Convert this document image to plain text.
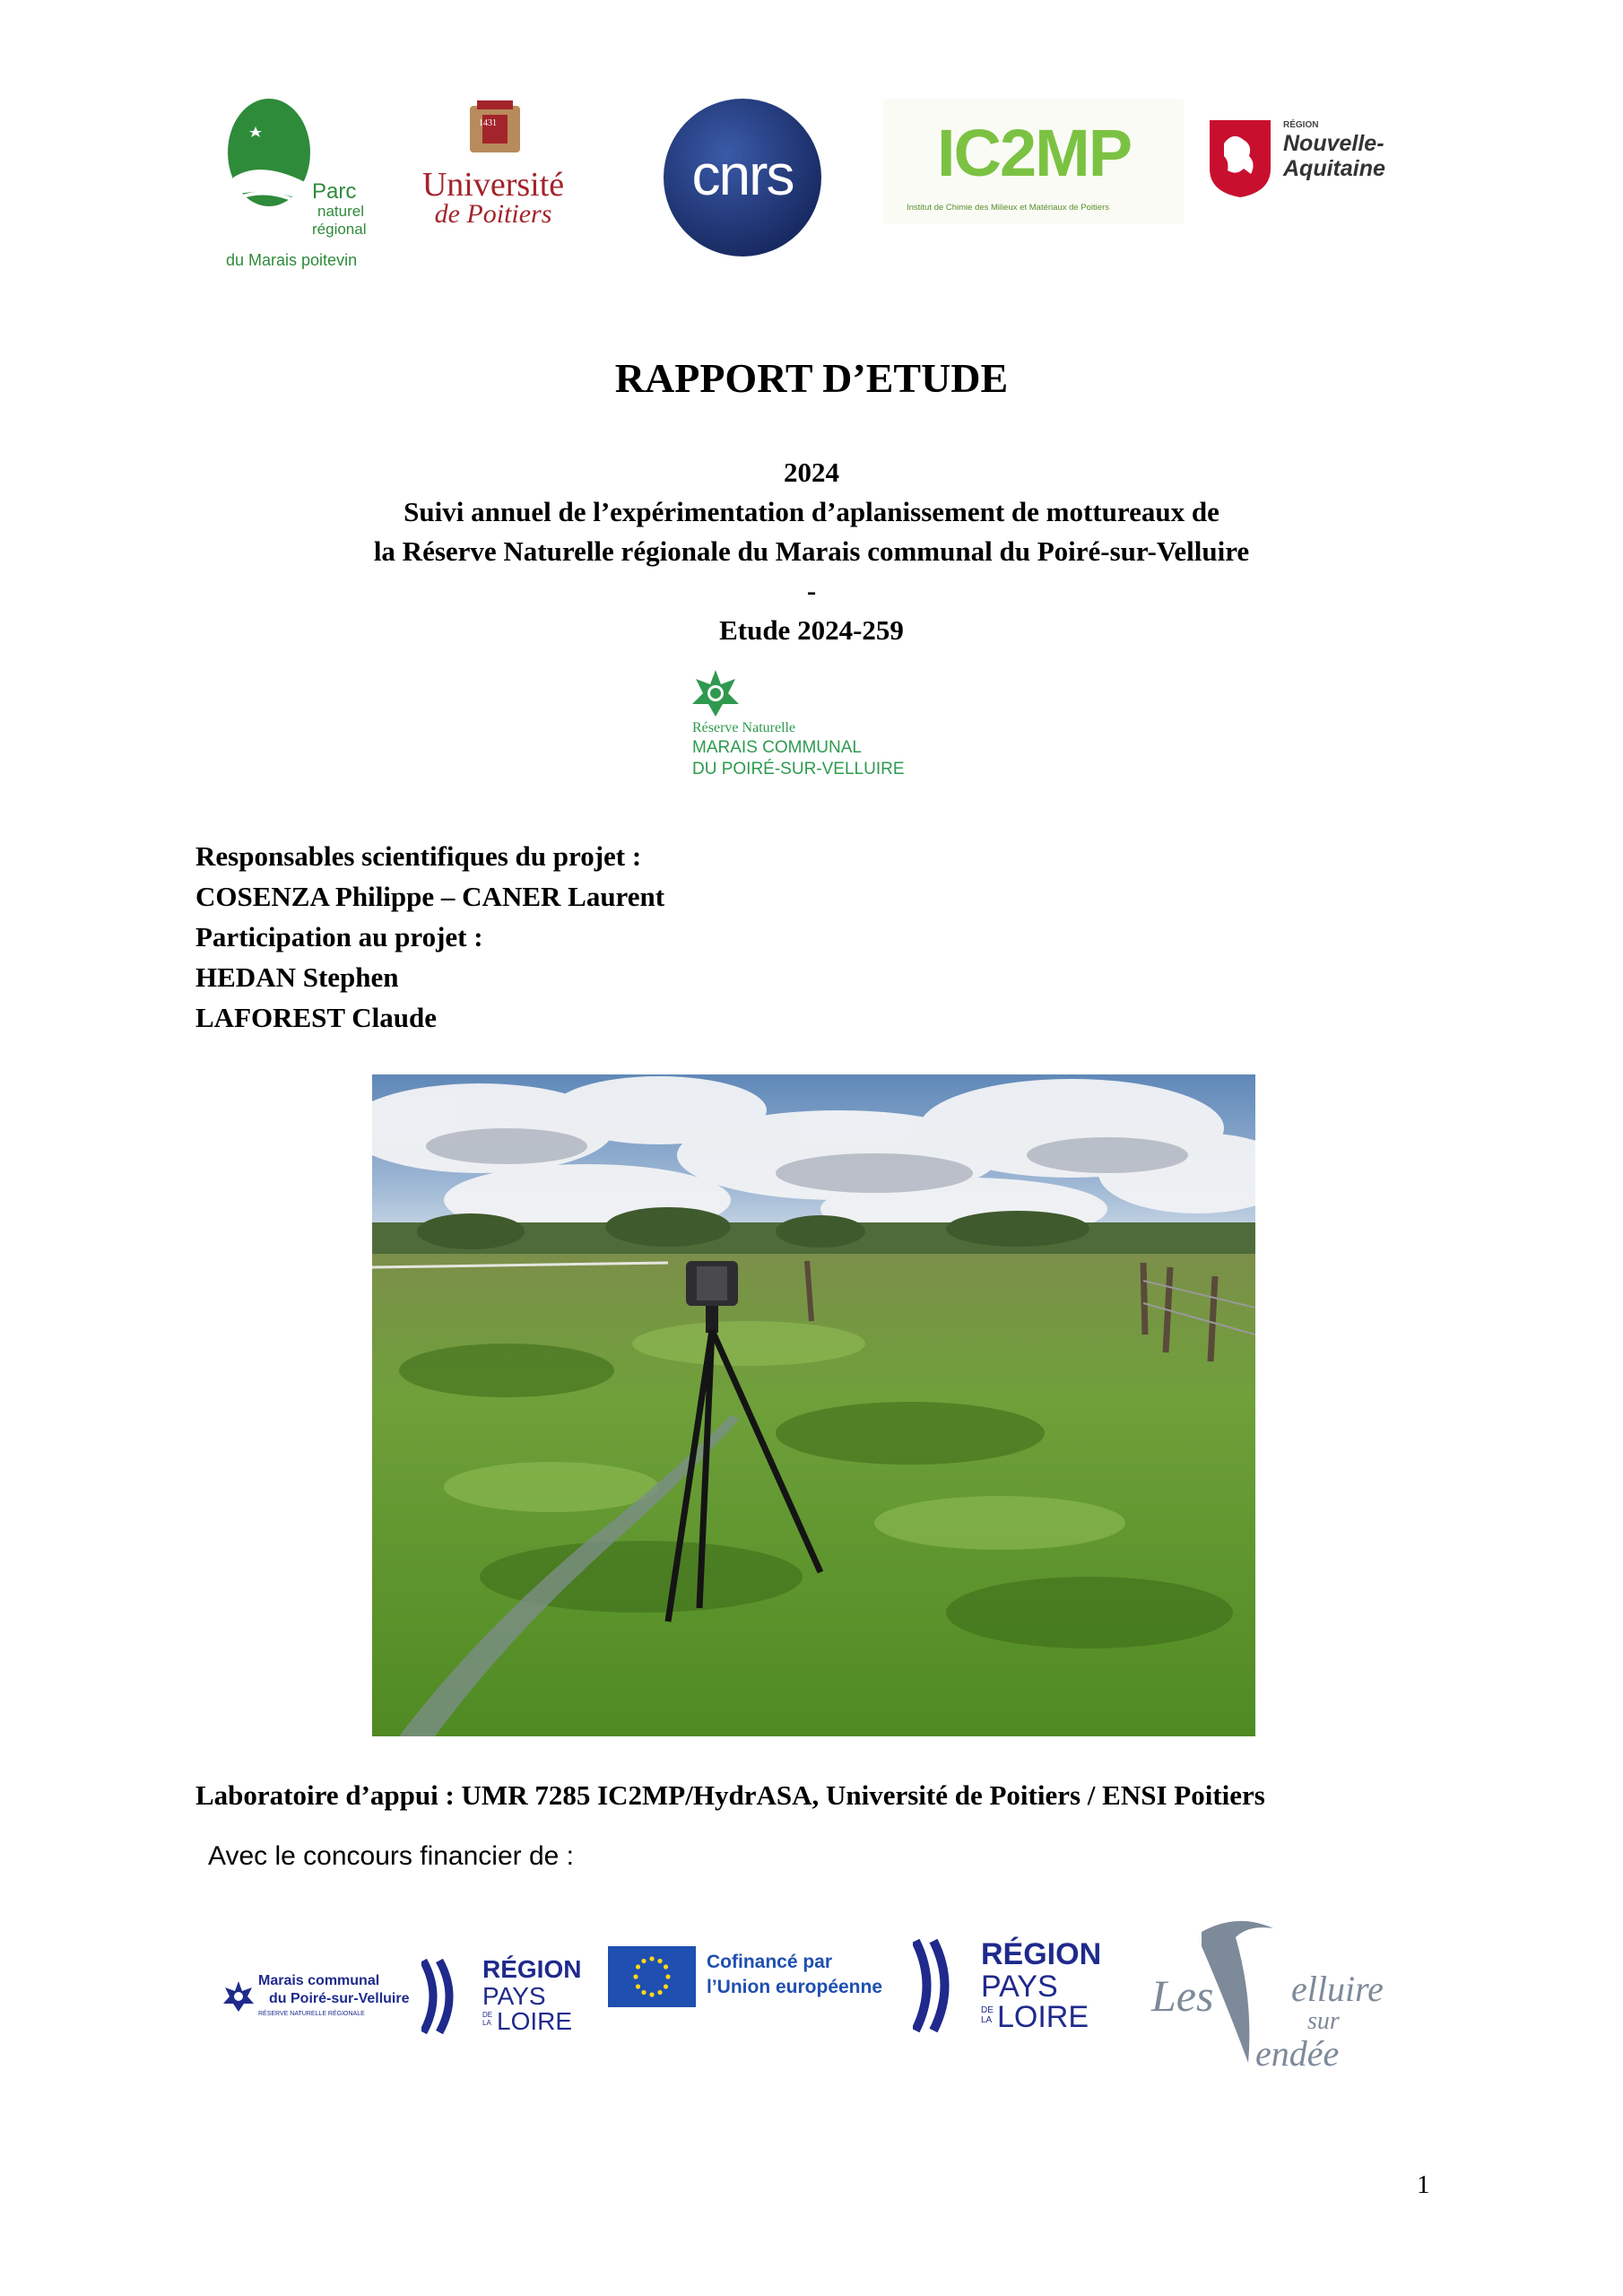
Parc
naturel
régional
du Marais poitevin
1431
Université
de Poitiers
cnrs	IC2MP
Institut de Chimie des Milieux et Matériaux de Poitiers
RÉGION
Nouvelle-
Aquitaine
RAPPORT D’ETUDE
2024
Suivi annuel de l’expérimentation d’aplanissement de mottureaux de
la Réserve Naturelle régionale du Marais communal du Poiré-sur-Velluire
-
Etude 2024-259
Réserve Naturelle
MARAIS COMMUNAL
DU POIRÉ-SUR-VELLUIRE
Responsables scientifiques du projet :
COSENZA Philippe – CANER Laurent
Participation au projet :
HEDAN Stephen
LAFOREST Claude
Laboratoire d’appui : UMR 7285 IC2MP/HydrASA, Université de Poitiers / ENSI Poitiers
Avec le concours financier de :
Marais communal
du Poiré-sur-Velluire
RÉSERVE NATURELLE RÉGIONALE
RÉGION
PAYS
DE
LA LOIRE
Cofinancé par
l’Union européenne
RÉGION
PAYS
DE
LA LOIRE Les elluire
sur
endée
1
